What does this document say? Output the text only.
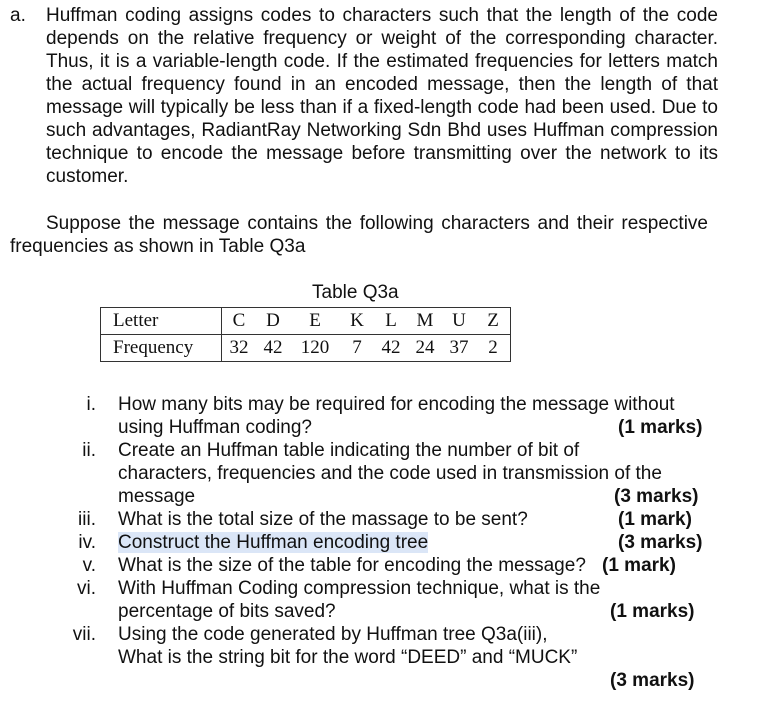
a. Huffman coding assigns codes to characters such that the length of the code depends on the relative frequency or weight of the corresponding character. Thus, it is a variable-length code. If the estimated frequencies for letters match the actual frequency found in an encoded message, then the length of that message will typically be less than if a fixed-length code had been used. Due to such advantages, RadiantRay Networking Sdn Bhd uses Huffman compression technique to encode the message before transmitting over the network to its customer.
Suppose the message contains the following characters and their respective frequencies as shown in Table Q3a
Table Q3a
Letter	C	D	E	K	L	M	U	Z
Frequency	32	42	120	7	42	24	37	2
i. How many bits may be required for encoding the message without
using Huffman coding?	(1 marks)
ii. Create an Huffman table indicating the number of bit of
characters, frequencies and the code used in transmission of the
message	(3 marks)
iii. What is the total size of the massage to be sent?	(1 mark)
iv. Construct the Huffman encoding tree	(3 marks)
v. What is the size of the table for encoding the message? (1 mark)
vi. With Huffman Coding compression technique, what is the
percentage of bits saved?	(1 marks)
vii. Using the code generated by Huffman tree Q3a(iii),
What is the string bit for the word “DEED” and “MUCK”
(3 marks)
